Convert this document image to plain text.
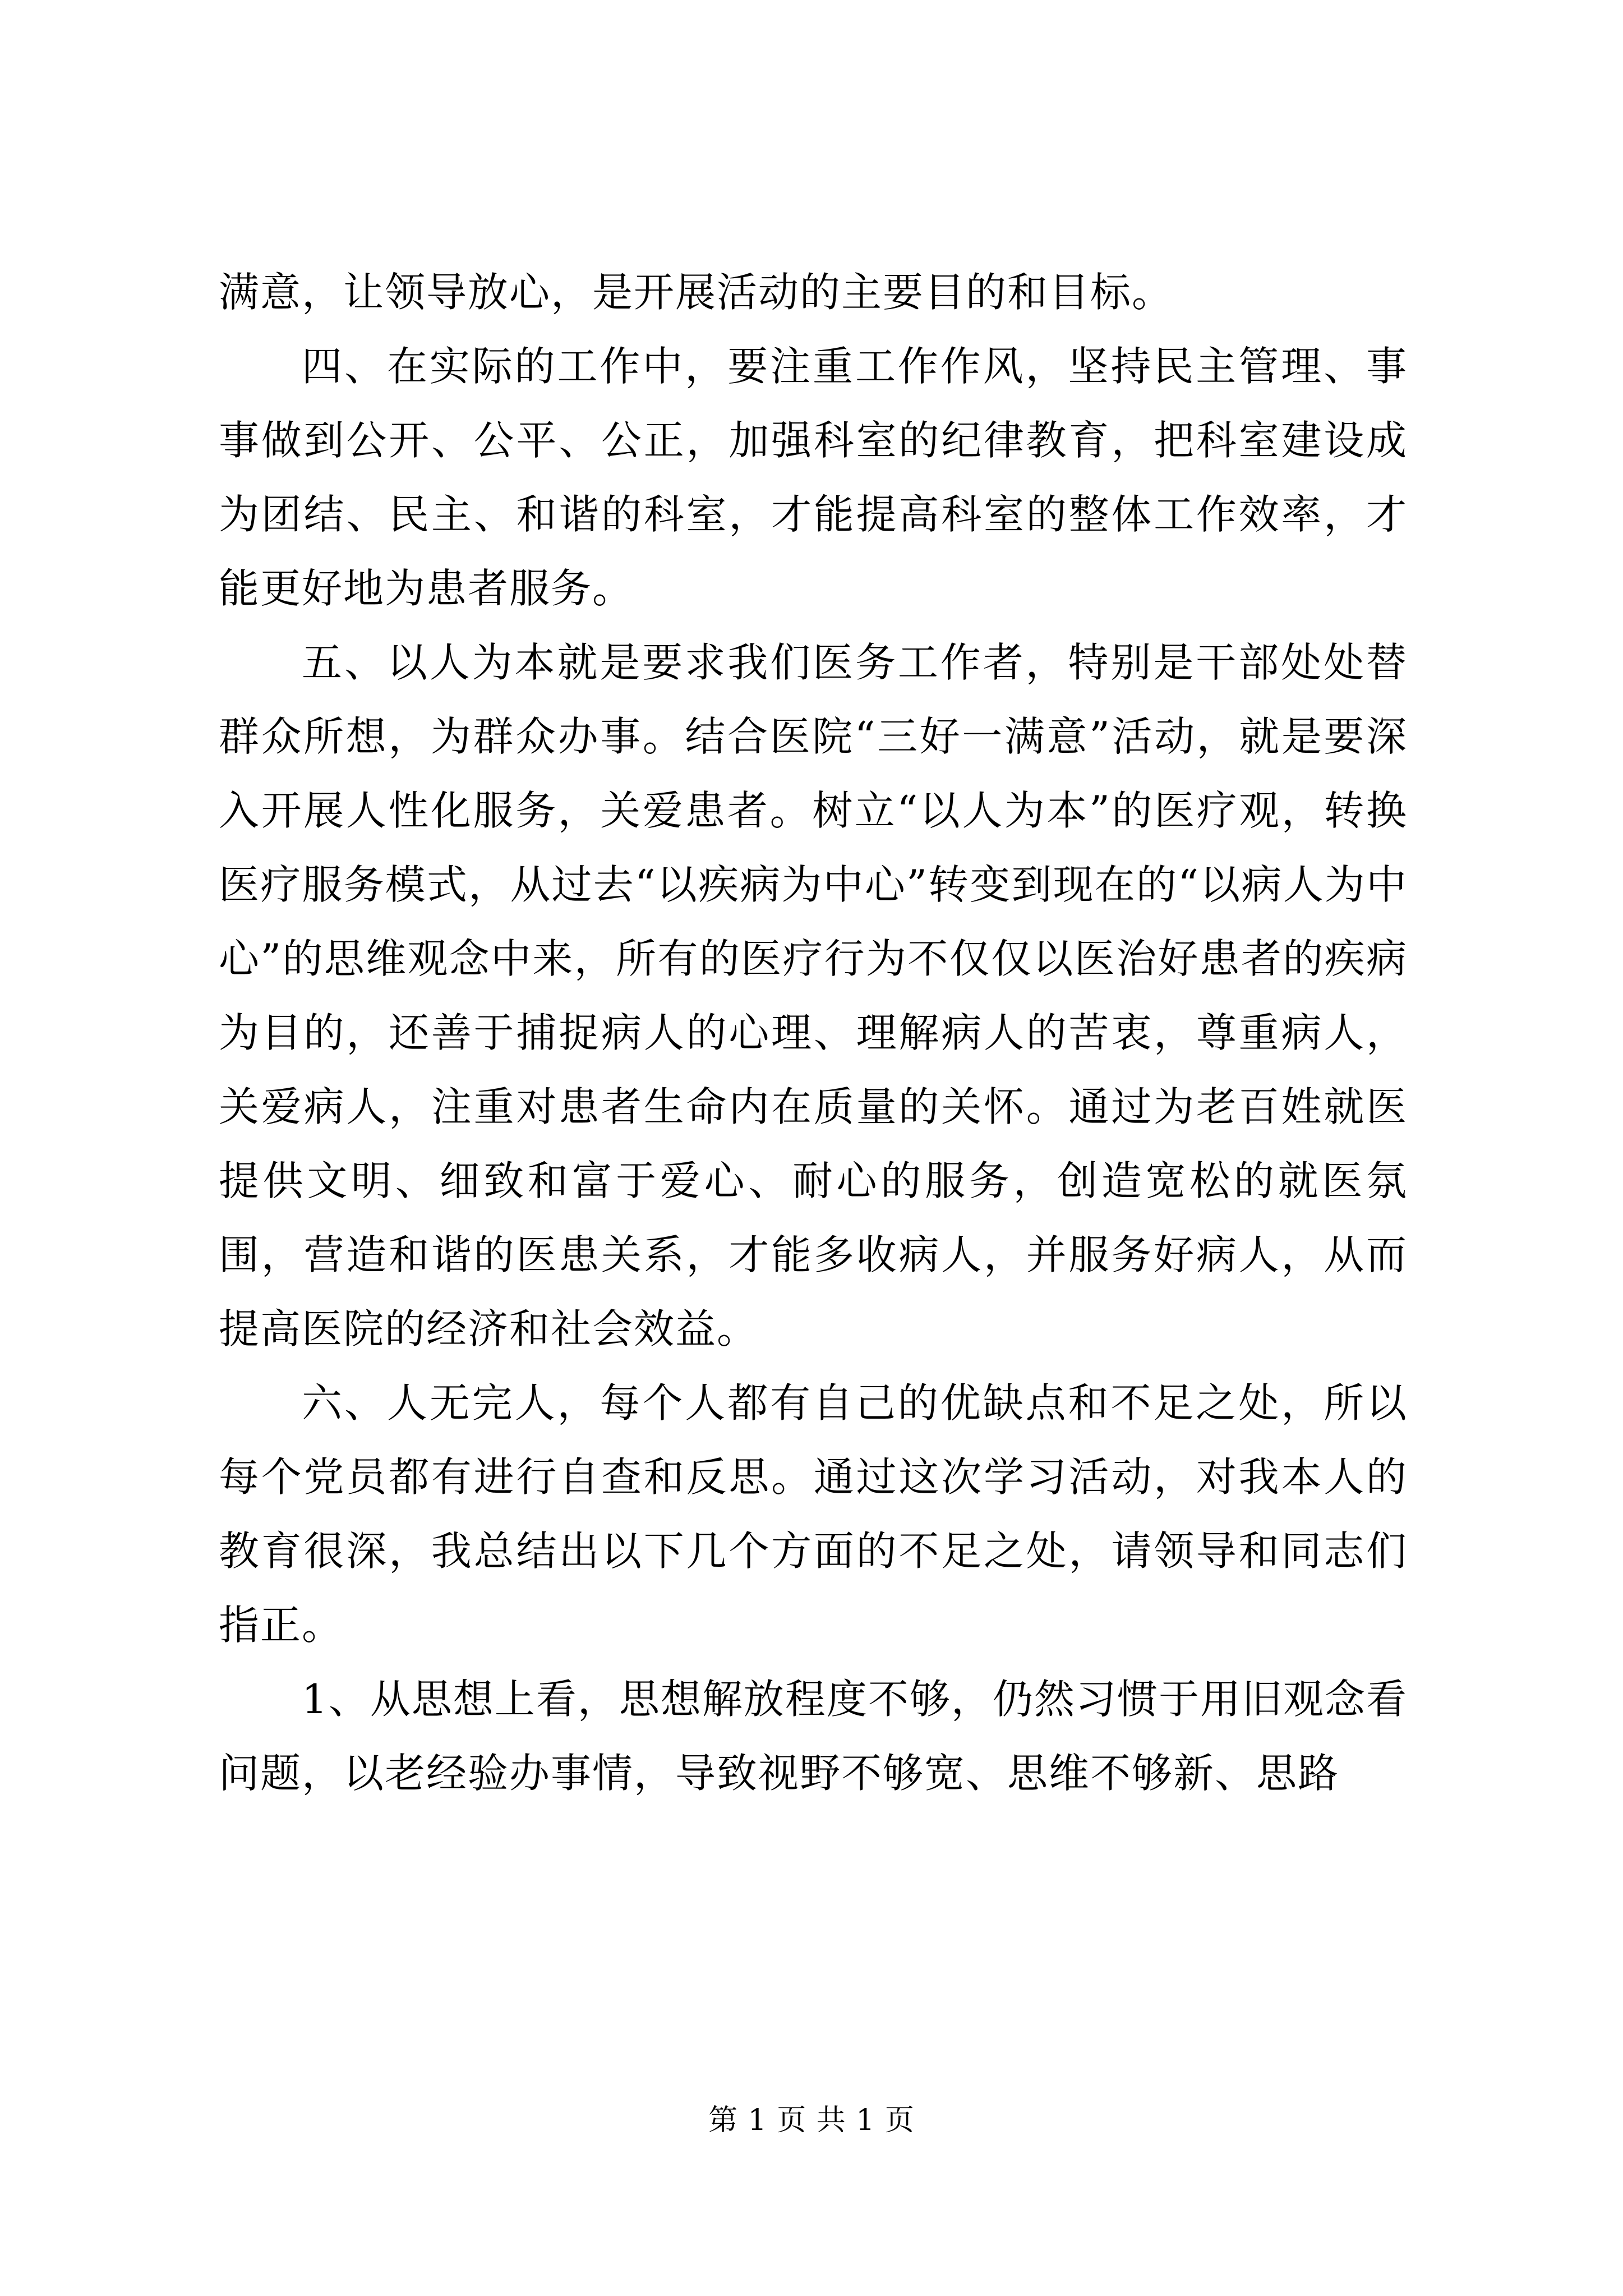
满意，让领导放心，是开展活动的主要目的和目标。

四、在实际的工作中，要注重工作作风，坚持民主管理、事事做到公开、公平、公正，加强科室的纪律教育，把科室建设成为团结、民主、和谐的科室，才能提高科室的整体工作效率，才能更好地为患者服务。

五、以人为本就是要求我们医务工作者，特别是干部处处替群众所想，为群众办事。结合医院“三好一满意”活动，就是要深入开展人性化服务，关爱患者。树立“以人为本”的医疗观，转换医疗服务模式，从过去“以疾病为中心”转变到现在的“以病人为中心”的思维观念中来，所有的医疗行为不仅仅以医治好患者的疾病为目的，还善于捕捉病人的心理、理解病人的苦衷，尊重病人，关爱病人，注重对患者生命内在质量的关怀。通过为老百姓就医提供文明、细致和富于爱心、耐心的服务，创造宽松的就医氛围，营造和谐的医患关系，才能多收病人，并服务好病人，从而提高医院的经济和社会效益。

六、人无完人，每个人都有自己的优缺点和不足之处，所以每个党员都有进行自查和反思。通过这次学习活动，对我本人的教育很深，我总结出以下几个方面的不足之处，请领导和同志们指正。

1、从思想上看，思想解放程度不够，仍然习惯于用旧观念看问题，以老经验办事情，导致视野不够宽、思维不够新、思路

第 1 页 共 1 页
